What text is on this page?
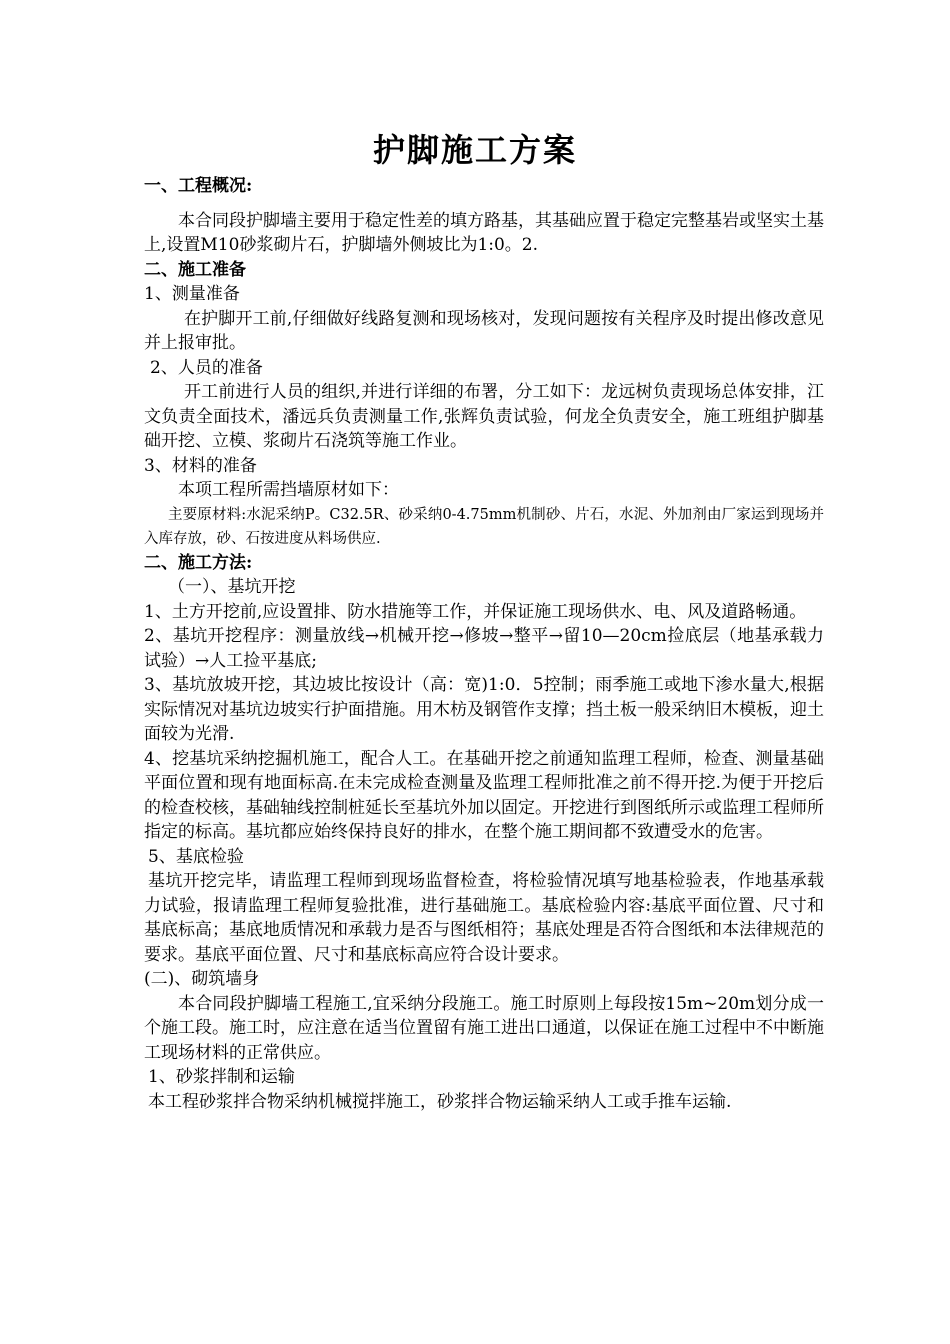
护脚施工方案

一、工程概况:

本合同段护脚墙主要用于稳定性差的填方路基，其基础应置于稳定完整基岩或坚实土基上,设置M10砂浆砌片石，护脚墙外侧坡比为1:0。2.

二、施工准备

1、测量准备

在护脚开工前,仔细做好线路复测和现场核对，发现问题按有关程序及时提出修改意见并上报审批。

2、人员的准备

开工前进行人员的组织,并进行详细的布署，分工如下：龙远树负责现场总体安排，江文负责全面技术，潘远兵负责测量工作,张辉负责试验，何龙全负责安全，施工班组护脚基础开挖、立模、浆砌片石浇筑等施工作业。

3、材料的准备

本项工程所需挡墙原材如下：

主要原材料:水泥采纳P。C32.5R、砂采纳0-4.75mm机制砂、片石，水泥、外加剂由厂家运到现场并入库存放，砂、石按进度从料场供应.

二、施工方法:

（一）、基坑开挖

1、土方开挖前,应设置排、防水措施等工作，并保证施工现场供水、电、风及道路畅通。

2、基坑开挖程序：测量放线→机械开挖→修坡→整平→留10—20cm捡底层（地基承载力试验）→人工捡平基底;

3、基坑放坡开挖，其边坡比按设计（高：宽)1:0．5控制；雨季施工或地下渗水量大,根据实际情况对基坑边坡实行护面措施。用木枋及钢管作支撑；挡土板一般采纳旧木模板，迎土面较为光滑.

4、挖基坑采纳挖掘机施工，配合人工。在基础开挖之前通知监理工程师，检查、测量基础平面位置和现有地面标高.在未完成检查测量及监理工程师批准之前不得开挖.为便于开挖后的检查校核，基础轴线控制桩延长至基坑外加以固定。开挖进行到图纸所示或监理工程师所指定的标高。基坑都应始终保持良好的排水，在整个施工期间都不致遭受水的危害。

5、基底检验

基坑开挖完毕，请监理工程师到现场监督检查，将检验情况填写地基检验表，作地基承载力试验，报请监理工程师复验批准，进行基础施工。基底检验内容:基底平面位置、尺寸和基底标高；基底地质情况和承载力是否与图纸相符；基底处理是否符合图纸和本法律规范的要求。基底平面位置、尺寸和基底标高应符合设计要求。

(二)、砌筑墙身

本合同段护脚墙工程施工,宜采纳分段施工。施工时原则上每段按15m~20m划分成一个施工段。施工时，应注意在适当位置留有施工进出口通道，以保证在施工过程中不中断施工现场材料的正常供应。

1、砂浆拌制和运输

本工程砂浆拌合物采纳机械搅拌施工，砂浆拌合物运输采纳人工或手推车运输.
